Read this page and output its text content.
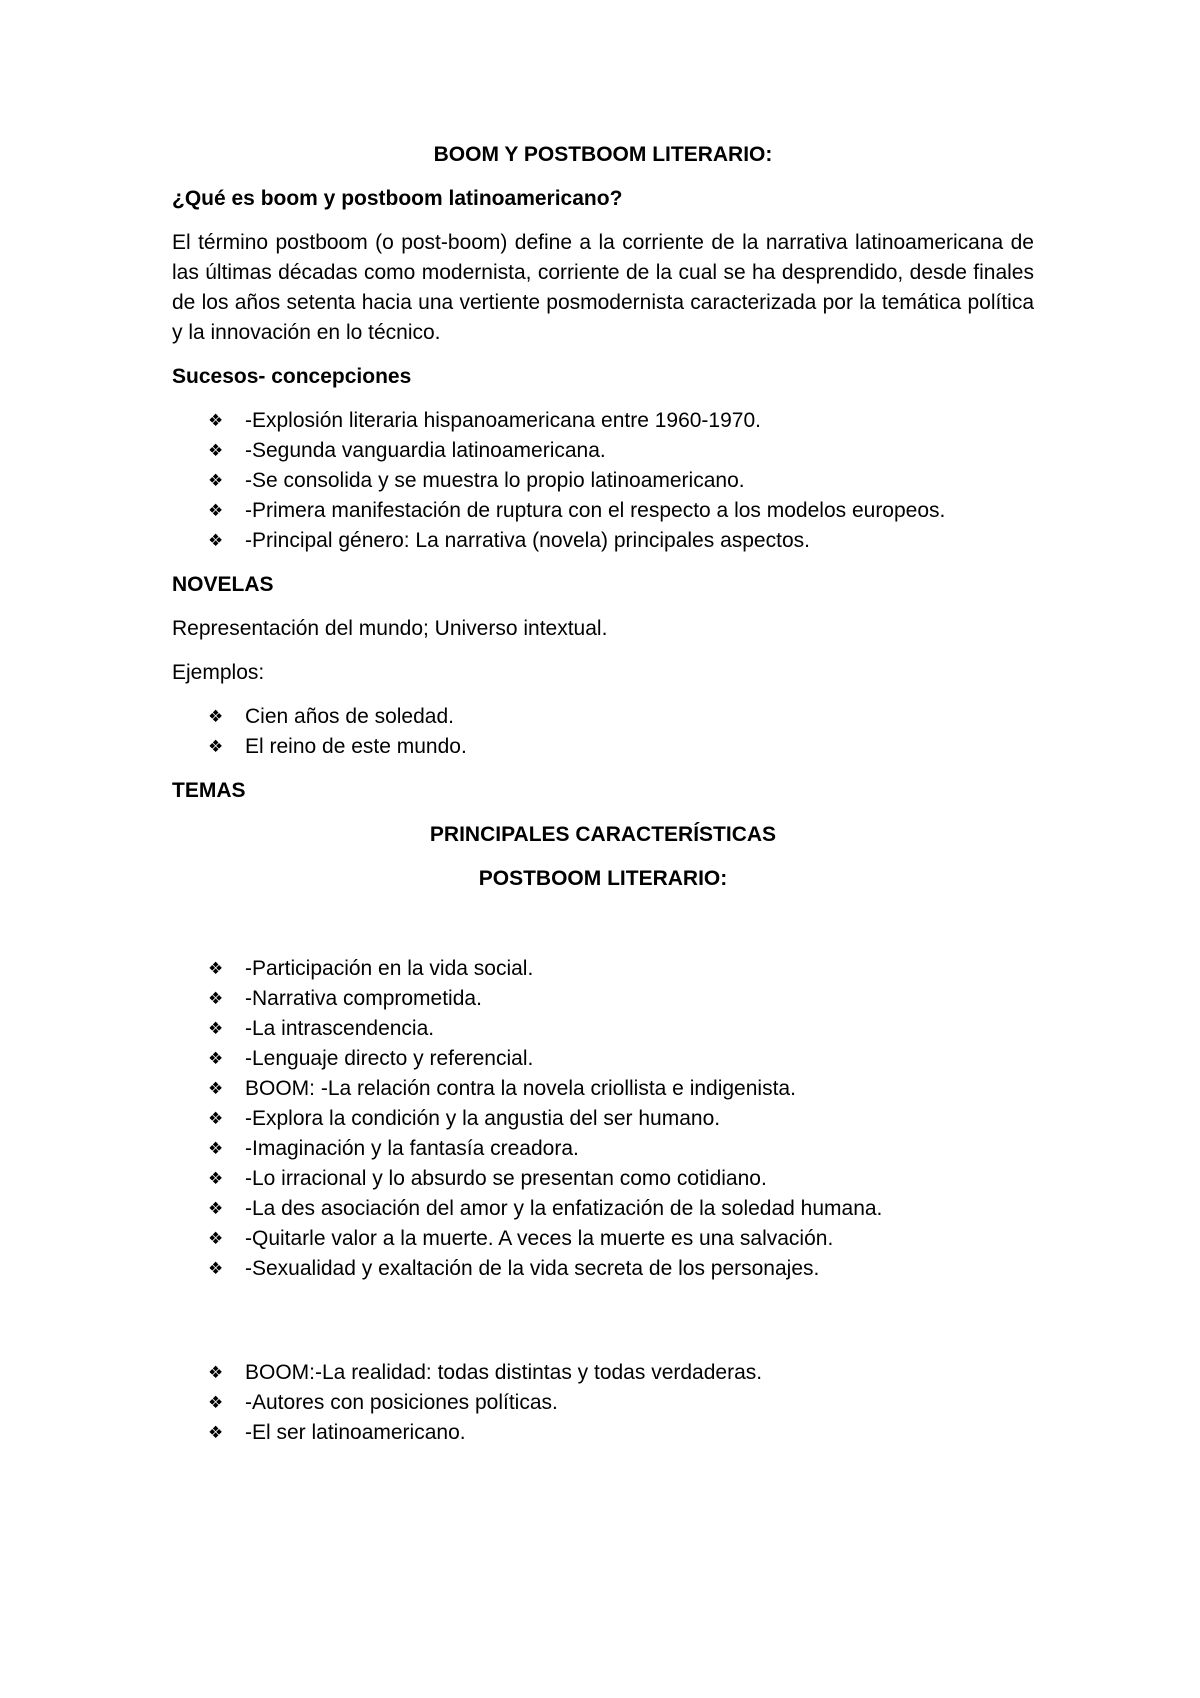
BOOM Y POSTBOOM LITERARIO:
¿Qué es boom y postboom latinoamericano?
El término postboom (o post-boom) define a la corriente de la narrativa latinoamericana de las últimas décadas como modernista, corriente de la cual se ha desprendido, desde finales de los años setenta hacia una vertiente posmodernista caracterizada por la temática política y la innovación en lo técnico.
Sucesos- concepciones
❖ -Explosión literaria hispanoamericana entre 1960-1970.
❖ -Segunda vanguardia latinoamericana.
❖ -Se consolida y se muestra lo propio latinoamericano.
❖ -Primera manifestación de ruptura con el respecto a los modelos europeos.
❖ -Principal género: La narrativa (novela) principales aspectos.
NOVELAS
Representación del mundo; Universo intextual.
Ejemplos:
❖ Cien años de soledad.
❖ El reino de este mundo.
TEMAS
PRINCIPALES CARACTERÍSTICAS
POSTBOOM LITERARIO:
❖ -Participación en la vida social.
❖ -Narrativa comprometida.
❖ -La intrascendencia.
❖ -Lenguaje directo y referencial.
❖ BOOM: -La relación contra la novela criollista e indigenista.
❖ -Explora la condición y la angustia del ser humano.
❖ -Imaginación y la fantasía creadora.
❖ -Lo irracional y lo absurdo se presentan como cotidiano.
❖ -La des asociación del amor y la enfatización de la soledad humana.
❖ -Quitarle valor a la muerte. A veces la muerte es una salvación.
❖ -Sexualidad y exaltación de la vida secreta de los personajes.
❖ BOOM:-La realidad: todas distintas y todas verdaderas.
❖ -Autores con posiciones políticas.
❖ -El ser latinoamericano.
